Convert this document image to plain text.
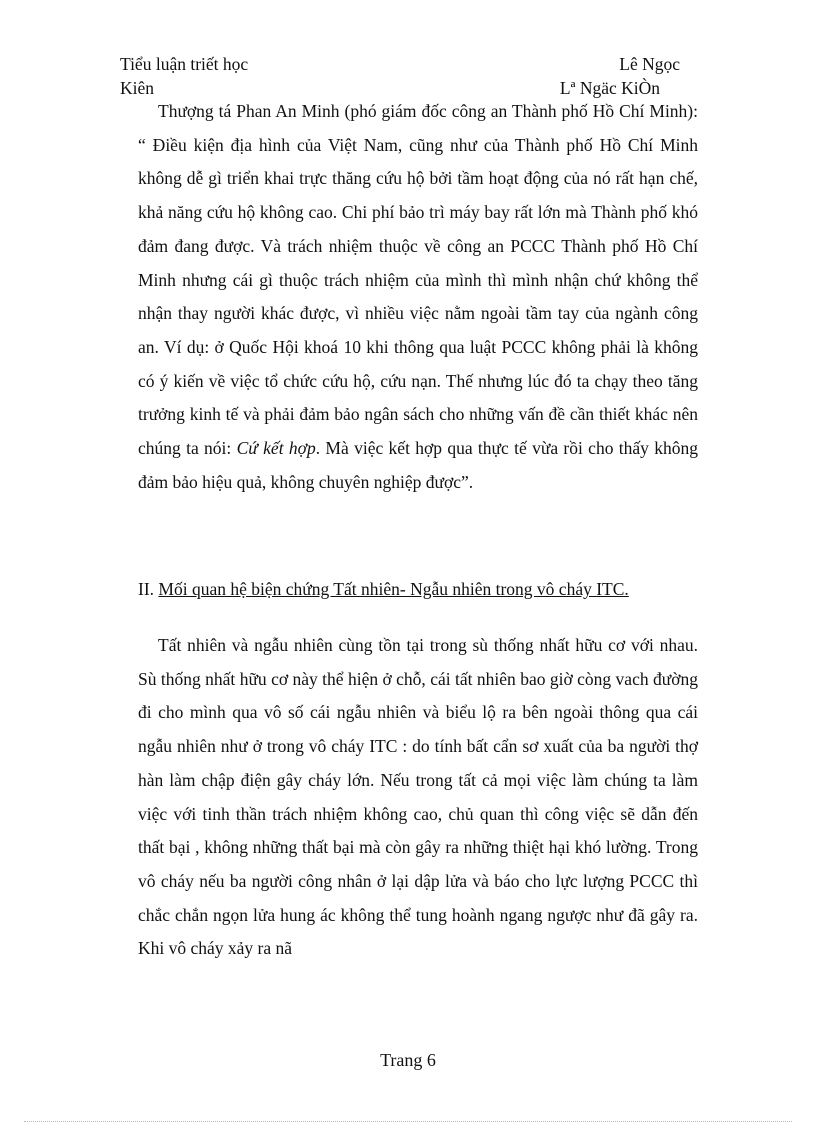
Tiểu luận triết học	Lê Ngọc
Kiên	Lª Ngäc KiÒn

Thượng tá Phan An Minh (phó giám đốc công an Thành phố Hồ Chí Minh): “ Điều kiện địa hình của Việt Nam, cũng như của Thành phố Hồ Chí Minh không dễ gì triển khai trực thăng cứu hộ bởi tầm hoạt động của nó rất hạn chế, khả năng cứu hộ không cao. Chi phí bảo trì máy bay rất lớn mà Thành phố khó đảm đang được. Và trách nhiệm thuộc về công an PCCC Thành phố Hồ Chí Minh nhưng cái gì thuộc trách nhiệm của mình thì mình nhận chứ không thể nhận thay người khác được, vì nhiều việc nằm ngoài tầm tay của ngành công an. Ví dụ: ở Quốc Hội khoá 10 khi thông qua luật PCCC không phải là không có ý kiến về việc tổ chức cứu hộ, cứu nạn. Thế nhưng lúc đó ta chạy theo tăng trưởng kinh tế và phải đảm bảo ngân sách cho những vấn đề cần thiết khác nên chúng ta nói: Cứ kết hợp. Mà việc kết hợp qua thực tế vừa rồi cho thấy không đảm bảo hiệu quả, không chuyên nghiệp được”.

II. Mối quan hệ biện chứng Tất nhiên- Ngẫu nhiên trong vô cháy ITC.

Tất nhiên và ngẫu nhiên cùng tồn tại trong sù thống nhất hữu cơ với nhau. Sù thống nhất hữu cơ này thể hiện ở chỗ, cái tất nhiên bao giờ còng vach đường đi cho mình qua vô số cái ngẫu nhiên và biểu lộ ra bên ngoài thông qua cái ngẫu nhiên như ở trong vô cháy ITC : do tính bất cẩn sơ xuất của ba người thợ hàn làm chập điện gây cháy lớn. Nếu trong tất cả mọi việc làm chúng ta làm việc với tinh thần trách nhiệm không cao, chủ quan thì công việc sẽ dẫn đến thất bại , không những thất bại mà còn gây ra những thiệt hại khó lường. Trong vô cháy nếu ba người công nhân ở lại dập lửa và báo cho lực lượng PCCC thì chắc chắn ngọn lửa hung ác không thể tung hoành ngang ngược như đã gây ra. Khi vô cháy xảy ra nã

Trang 6
